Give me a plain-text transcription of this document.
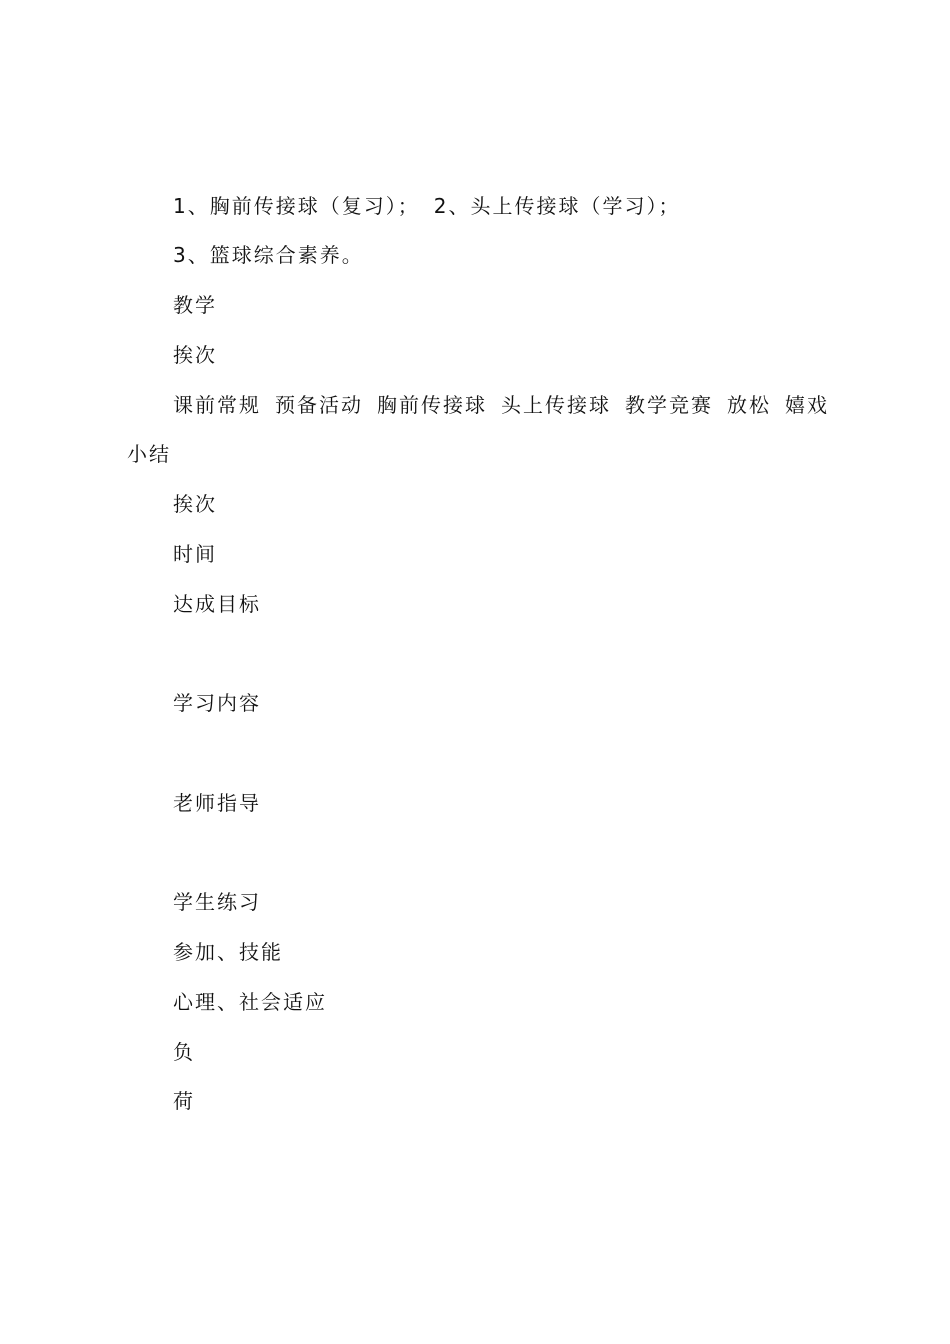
1、胸前传接球（复习）； 2、头上传接球（学习）；
3、篮球综合素养。
教学
挨次
课前常规 预备活动 胸前传接球 头上传接球 教学竞赛 放松 嬉戏
小结
挨次
时间
达成目标
学习内容
老师指导
学生练习
参加、技能
心理、社会适应
负
荷
